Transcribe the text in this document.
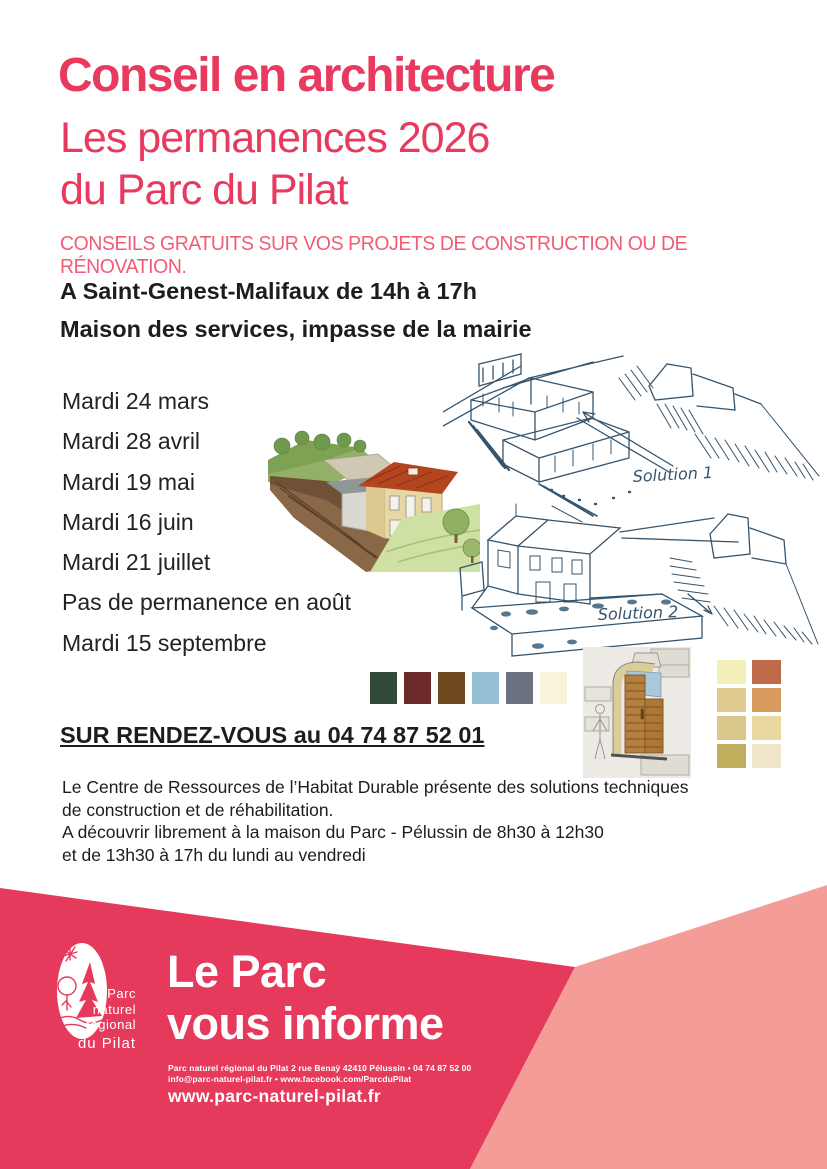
Conseil en architecture
Les permanences 2026
du Parc du Pilat
CONSEILS GRATUITS SUR VOS PROJETS DE CONSTRUCTION OU DE RÉNOVATION.
A Saint-Genest-Malifaux de 14h à 17h
Maison des services, impasse de la mairie
Mardi 24 mars
Mardi 28 avril
Mardi 19 mai
Mardi 16 juin
Mardi 21 juillet
Pas de permanence en août
Mardi 15 septembre
Solution 1
Solution 2
SUR RENDEZ-VOUS au 04 74 87 52 01
Le Centre de Ressources de l’Habitat Durable présente des solutions techniques
de construction et de réhabilitation.
A découvrir librement à la maison du Parc - Pélussin de 8h30 à 12h30
et de 13h30 à 17h du lundi au vendredi
Parc
naturel
régional
du Pilat
Le Parc
vous informe
Parc naturel régional du Pilat 2 rue Benaÿ 42410 Pélussin • 04 74 87 52 00
info@parc-naturel-pilat.fr • www.facebook.com/ParcduPilat
www.parc-naturel-pilat.fr
